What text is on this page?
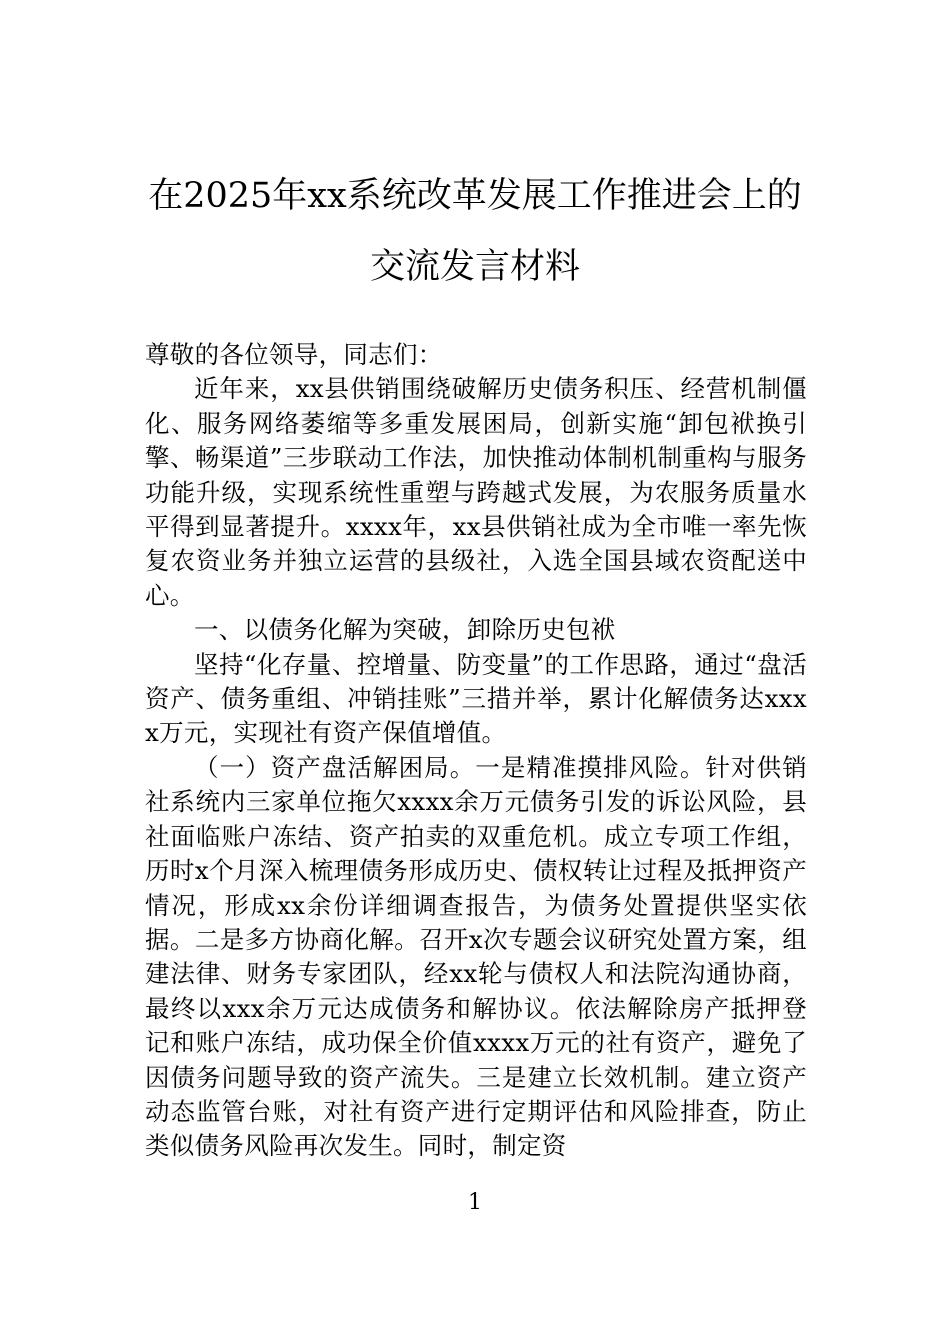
在2025年xx系统改革发展工作推进会上的
交流发言材料

尊敬的各位领导，同志们：

近年来，xx县供销围绕破解历史债务积压、经营机制僵化、服务网络萎缩等多重发展困局，创新实施“卸包袱换引擎、畅渠道”三步联动工作法，加快推动体制机制重构与服务功能升级，实现系统性重塑与跨越式发展，为农服务质量水平得到显著提升。xxxx年，xx县供销社成为全市唯一率先恢复农资业务并独立运营的县级社，入选全国县域农资配送中心。

一、以债务化解为突破，卸除历史包袱

坚持“化存量、控增量、防变量”的工作思路，通过“盘活资产、债务重组、冲销挂账”三措并举，累计化解债务达xxxx万元，实现社有资产保值增值。

（一）资产盘活解困局。一是精准摸排风险。针对供销社系统内三家单位拖欠xxxx余万元债务引发的诉讼风险，县社面临账户冻结、资产拍卖的双重危机。成立专项工作组，历时x个月深入梳理债务形成历史、债权转让过程及抵押资产情况，形成xx余份详细调查报告，为债务处置提供坚实依据。二是多方协商化解。召开x次专题会议研究处置方案，组建法律、财务专家团队，经xx轮与债权人和法院沟通协商，最终以xxx余万元达成债务和解协议。依法解除房产抵押登记和账户冻结，成功保全价值xxxx万元的社有资产，避免了因债务问题导致的资产流失。三是建立长效机制。建立资产动态监管台账，对社有资产进行定期评估和风险排查，防止类似债务风险再次发生。同时，制定资

1
